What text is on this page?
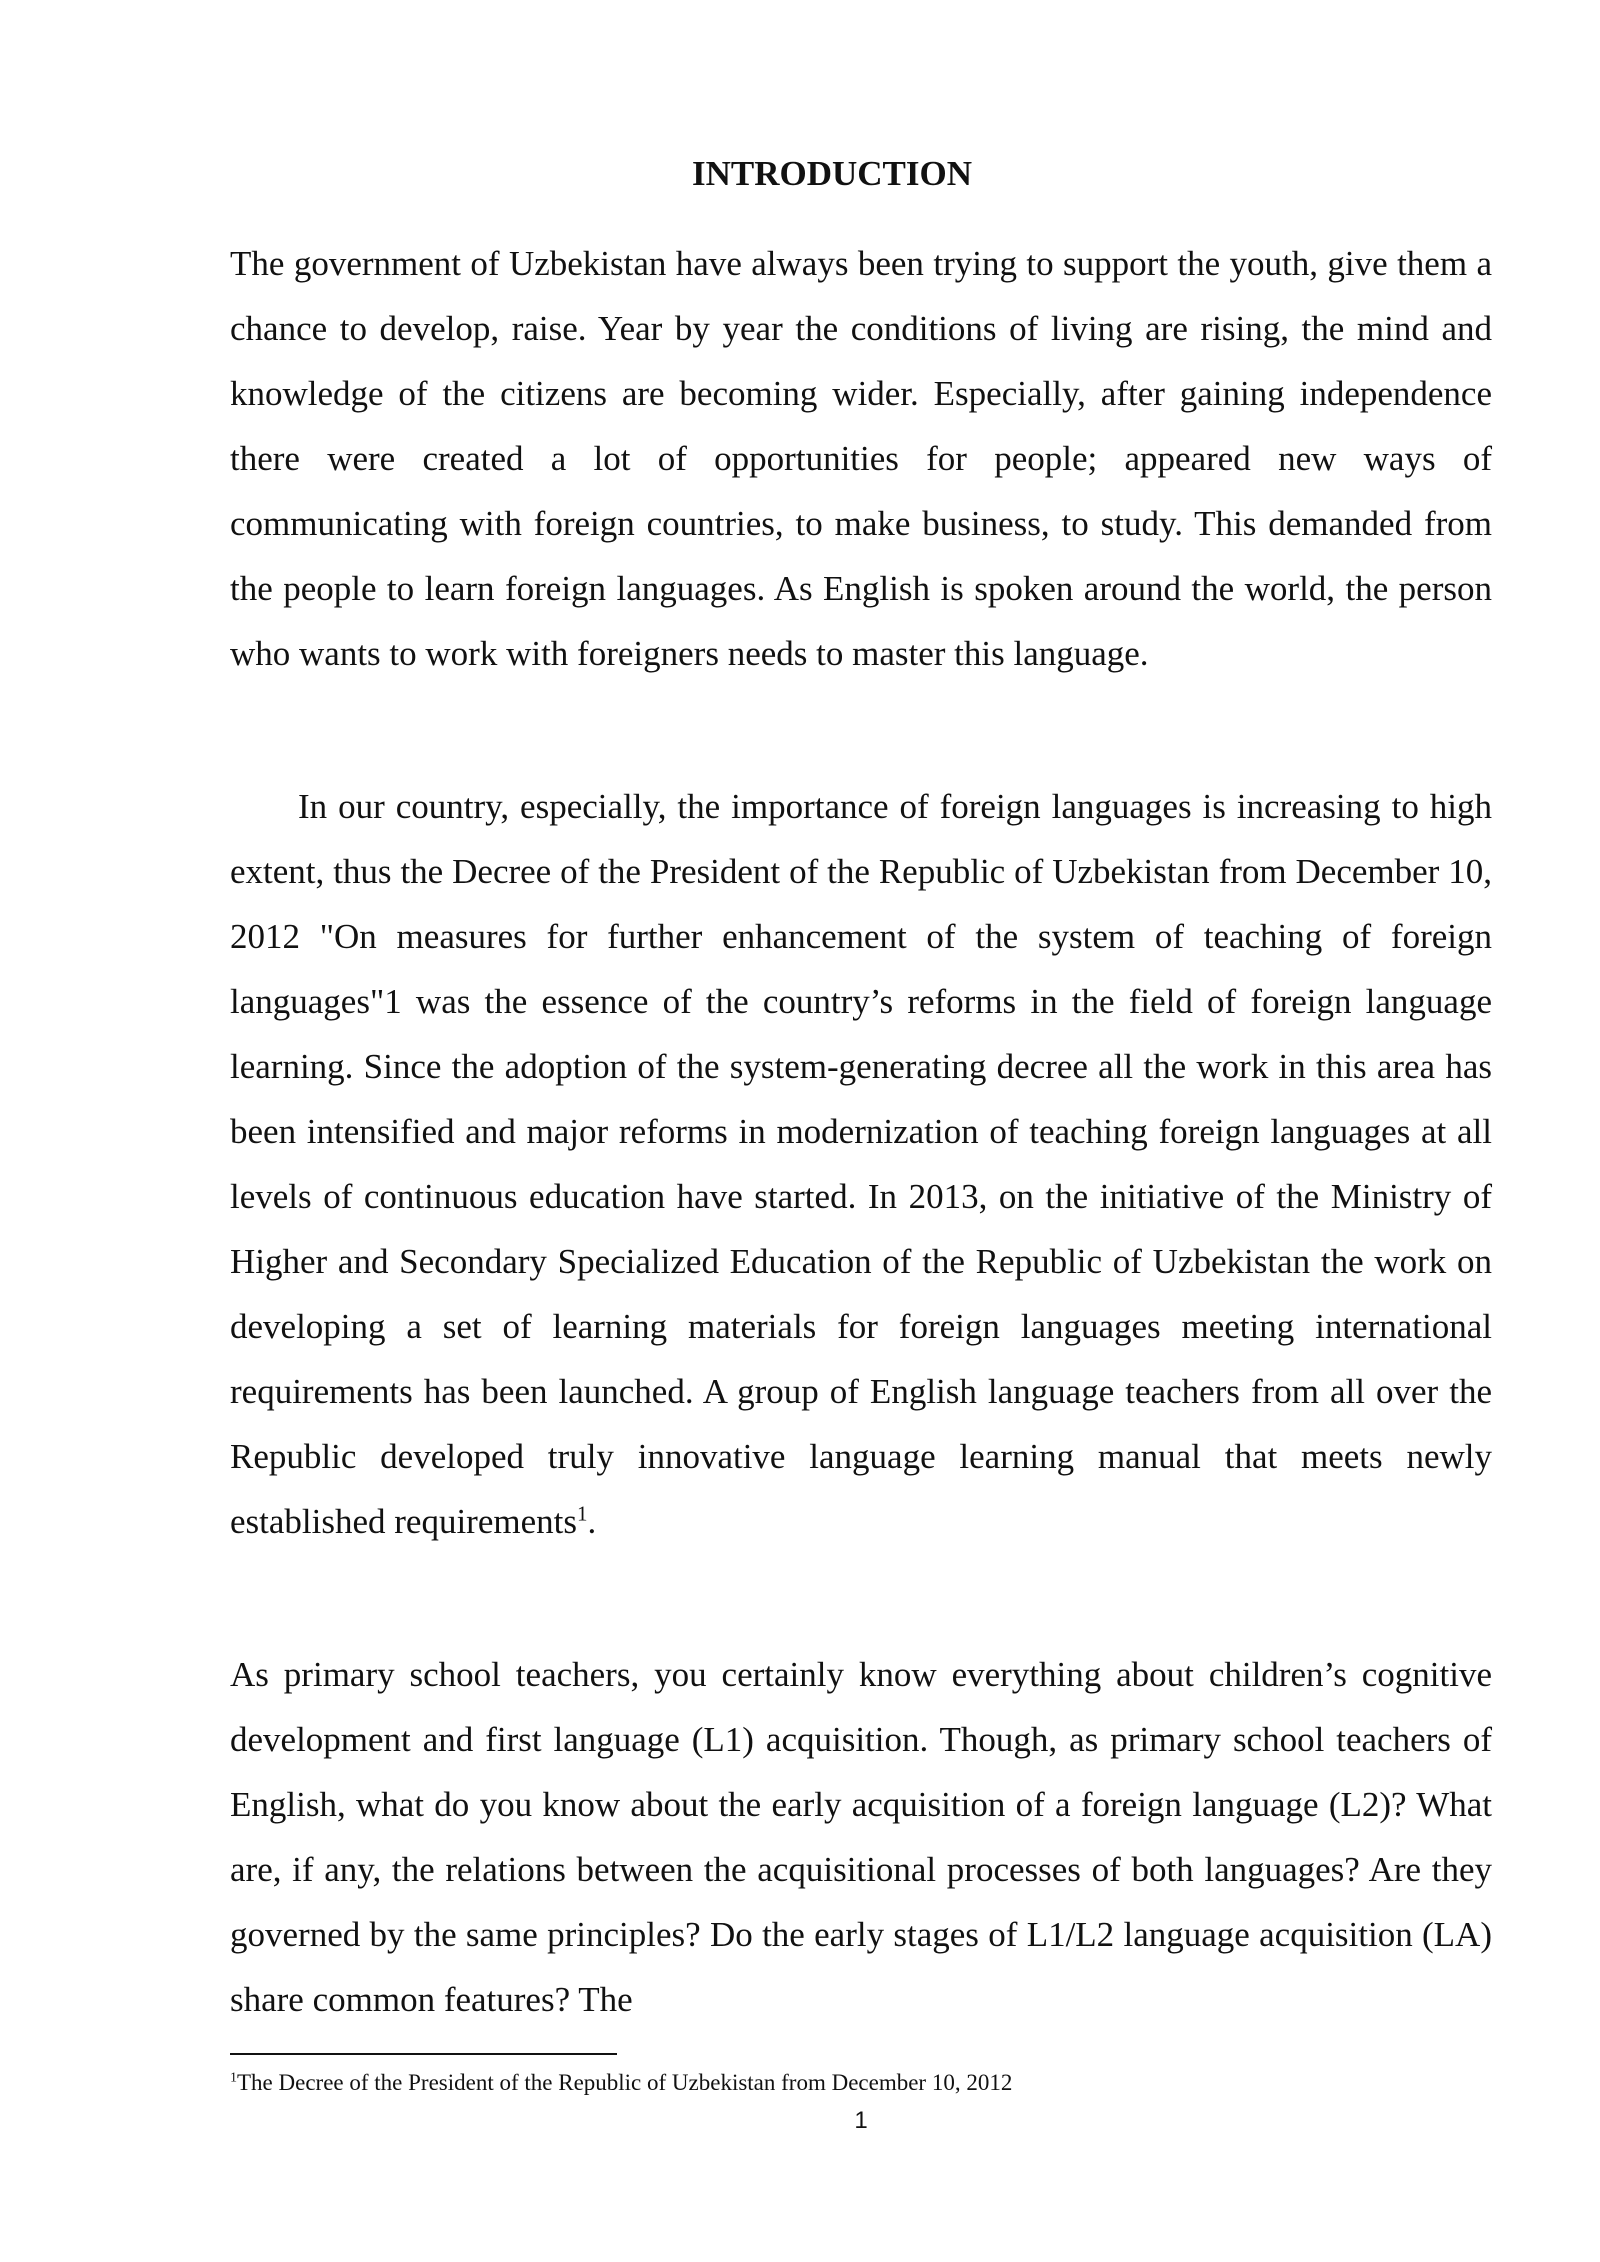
INTRODUCTION

The government of Uzbekistan have always been trying to support the youth, give them a chance to develop, raise. Year by year the conditions of living are rising, the mind and knowledge of the citizens are becoming wider. Especially, after gaining independence there were created a lot of opportunities for people; appeared new ways of communicating with foreign countries, to make business, to study. This demanded from the people to learn foreign languages. As English is spoken around the world, the person who wants to work with foreigners needs to master this language.

In our country, especially, the importance of foreign languages is increasing to high extent, thus the Decree of the President of the Republic of Uzbekistan from December 10, 2012 "On measures for further enhancement of the system of teaching of foreign languages"1 was the essence of the country’s reforms in the field of foreign language learning. Since the adoption of the system-generating decree all the work in this area has been intensified and major reforms in modernization of teaching foreign languages at all levels of continuous education have started. In 2013, on the initiative of the Ministry of Higher and Secondary Specialized Education of the Republic of Uzbekistan the work on developing a set of learning materials for foreign languages meeting international requirements has been launched. A group of English language teachers from all over the Republic developed truly innovative language learning manual that meets newly established requirements$^1$.

As primary school teachers, you certainly know everything about children’s cognitive development and first language (L1) acquisition. Though, as primary school teachers of English, what do you know about the early acquisition of a foreign language (L2)? What are, if any, the relations between the acquisitional processes of both languages? Are they governed by the same principles? Do the early stages of L1/L2 language acquisition (LA) share common features? The

$^1$The Decree of the President of the Republic of Uzbekistan from December 10, 2012
1
